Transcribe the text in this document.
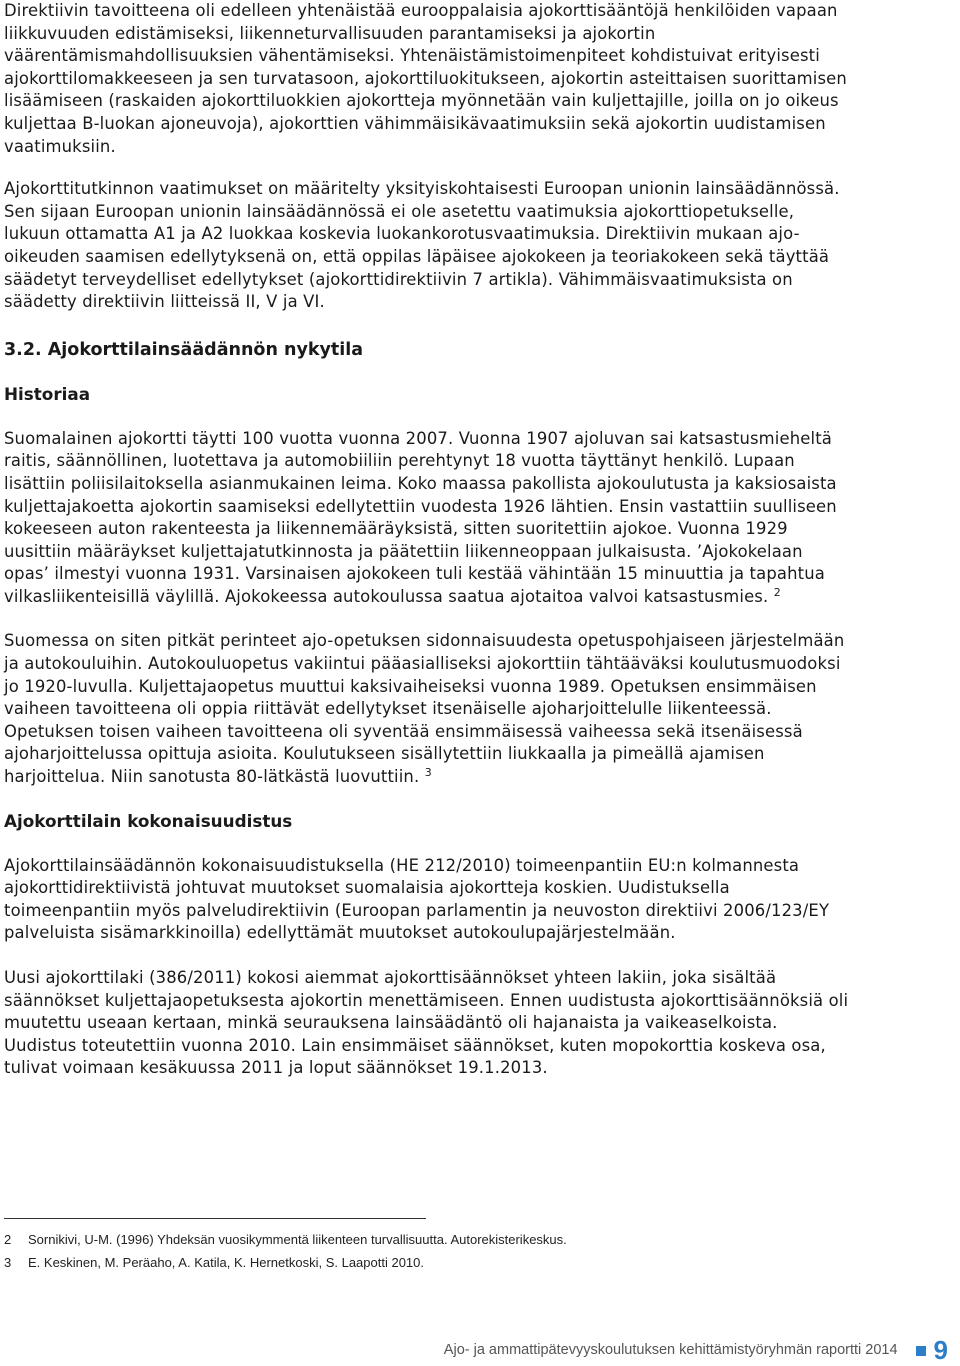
Direktiivin tavoitteena oli edelleen yhtenäistää eurooppalaisia ajokorttisääntöjä henkilöiden vapaan liikkuvuuden edistämiseksi, liikenneturvallisuuden parantamiseksi ja ajokortin väärentämismahdollisuuksien vähentämiseksi. Yhtenäistämistoimenpiteet kohdistuivat erityisesti ajokorttilomakkeeseen ja sen turvatasoon, ajokorttiluokitukseen, ajokortin asteittaisen suorittamisen lisäämiseen (raskaiden ajokorttiluokkien ajokortteja myönnetään vain kuljettajille, joilla on jo oikeus kuljettaa B-luokan ajoneuvoja), ajokorttien vähimmäisikävaatimuksiin sekä ajokortin uudistamisen vaatimuksiin.

Ajokorttitutkinnon vaatimukset on määritelty yksityiskohtaisesti Euroopan unionin lainsäädännössä. Sen sijaan Euroopan unionin lainsäädännössä ei ole asetettu vaatimuksia ajokorttiopetukselle, lukuun ottamatta A1 ja A2 luokkaa koskevia luokankorotusvaatimuksia. Direktiivin mukaan ajo-oikeuden saamisen edellytyksenä on, että oppilas läpäisee ajokokeen ja teoriakokeen sekä täyttää säädetyt terveydelliset edellytykset (ajokorttidirektiivin 7 artikla). Vähimmäisvaatimuksista on säädetty direktiivin liitteissä II, V ja VI.

3.2. Ajokorttilainsäädännön nykytila
Historiaa

Suomalainen ajokortti täytti 100 vuotta vuonna 2007. Vuonna 1907 ajoluvan sai katsastusmieheltä raitis, säännöllinen, luotettava ja automobiiliin perehtynyt 18 vuotta täyttänyt henkilö. Lupaan lisättiin poliisilaitoksella asianmukainen leima. Koko maassa pakollista ajokoulutusta ja kaksiosaista kuljettajakoetta ajokortin saamiseksi edellytettiin vuodesta 1926 lähtien. Ensin vastattiin suulliseen kokeeseen auton rakenteesta ja liikennemääräyksistä, sitten suoritettiin ajokoe. Vuonna 1929 uusittiin määräykset kuljettajatutkinnosta ja päätettiin liikenneoppaan julkaisusta. ’Ajokokelaan opas’ ilmestyi vuonna 1931. Varsinaisen ajokokeen tuli kestää vähintään 15 minuuttia ja tapahtua vilkasliikenteisillä väylillä. Ajokokeessa autokoulussa saatua ajotaitoa valvoi katsastusmies. $^2$

Suomessa on siten pitkät perinteet ajo-opetuksen sidonnaisuudesta opetuspohjaiseen järjestelmään ja autokouluihin. Autokouluopetus vakiintui pääasialliseksi ajokorttiin tähtääväksi koulutusmuodoksi jo 1920-luvulla. Kuljettajaopetus muuttui kaksivaiheiseksi vuonna 1989. Opetuksen ensimmäisen vaiheen tavoitteena oli oppia riittävät edellytykset itsenäiselle ajoharjoittelulle liikenteessä. Opetuksen toisen vaiheen tavoitteena oli syventää ensimmäisessä vaiheessa sekä itsenäisessä ajoharjoittelussa opittuja asioita. Koulutukseen sisällytettiin liukkaalla ja pimeällä ajamisen harjoittelua. Niin sanotusta 80-lätkästä luovuttiin. $^3$

Ajokorttilain kokonaisuudistus

Ajokorttilainsäädännön kokonaisuudistuksella (HE 212/2010) toimeenpantiin EU:n kolmannesta ajokorttidirektiivistä johtuvat muutokset suomalaisia ajokortteja koskien. Uudistuksella toimeenpantiin myös palveludirektiivin (Euroopan parlamentin ja neuvoston direktiivi 2006/123/EY palveluista sisämarkkinoilla) edellyttämät muutokset autokoulupajärjestelmään.

Uusi ajokorttilaki (386/2011) kokosi aiemmat ajokorttisäännökset yhteen lakiin, joka sisältää säännökset kuljettajaopetuksesta ajokortin menettämiseen. Ennen uudistusta ajokorttisäännöksiä oli muutettu useaan kertaan, minkä seurauksena lainsäädäntö oli hajanaista ja vaikeaselkoista. Uudistus toteutettiin vuonna 2010. Lain ensimmäiset säännökset, kuten mopokorttia koskeva osa, tulivat voimaan kesäkuussa 2011 ja loput säännökset 19.1.2013.

2	Sornikivi, U-M. (1996) Yhdeksän vuosikymmentä liikenteen turvallisuutta. Autorekisterikeskus.
3	E. Keskinen, M. Peräaho, A. Katila, K. Hernetkoski, S. Laapotti 2010.
Ajo- ja ammattipätevyyskoulutuksen kehittämistyöryhmän raportti 2014 9
